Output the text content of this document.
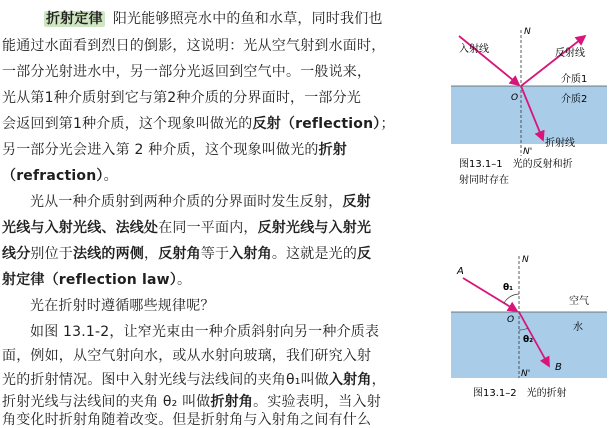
折射定律 阳光能够照亮水中的鱼和水草，同时我们也
能通过水面看到烈日的倒影，这说明：光从空气射到水面时，
一部分光射进水中，另一部分光返回到空气中。一般说来，
光从第1种介质射到它与第2种介质的分界面时，一部分光
会返回到第1种介质，这个现象叫做光的反射（reflection）；
另一部分光会进入第 2 种介质，这个现象叫做光的折射
（refraction）。
光从一种介质射到两种介质的分界面时发生反射，反射
光线与入射光线、法线处在同一平面内，反射光线与入射光
线分别位于法线的两侧，反射角等于入射角。这就是光的反
射定律（reflection law）。
光在折射时遵循哪些规律呢？
如图 13.1-2，让窄光束由一种介质斜射向另一种介质表
面，例如，从空气射向水，或从水射向玻璃，我们研究入射
光的折射情况。图中入射光线与法线间的夹角θ₁叫做入射角，
折射光线与法线间的夹角 θ₂ 叫做折射角。实验表明，当入射
角变化时折射角随着改变。但是折射角与入射角之间有什么
N
N'
O
入射线	反射线
介质1
介质2
折射线
图13.1–1　光的反射和折
射同时存在
A
B
N
N'
O
θ₁
θ₂
空气
水
图13.1–2　光的折射
